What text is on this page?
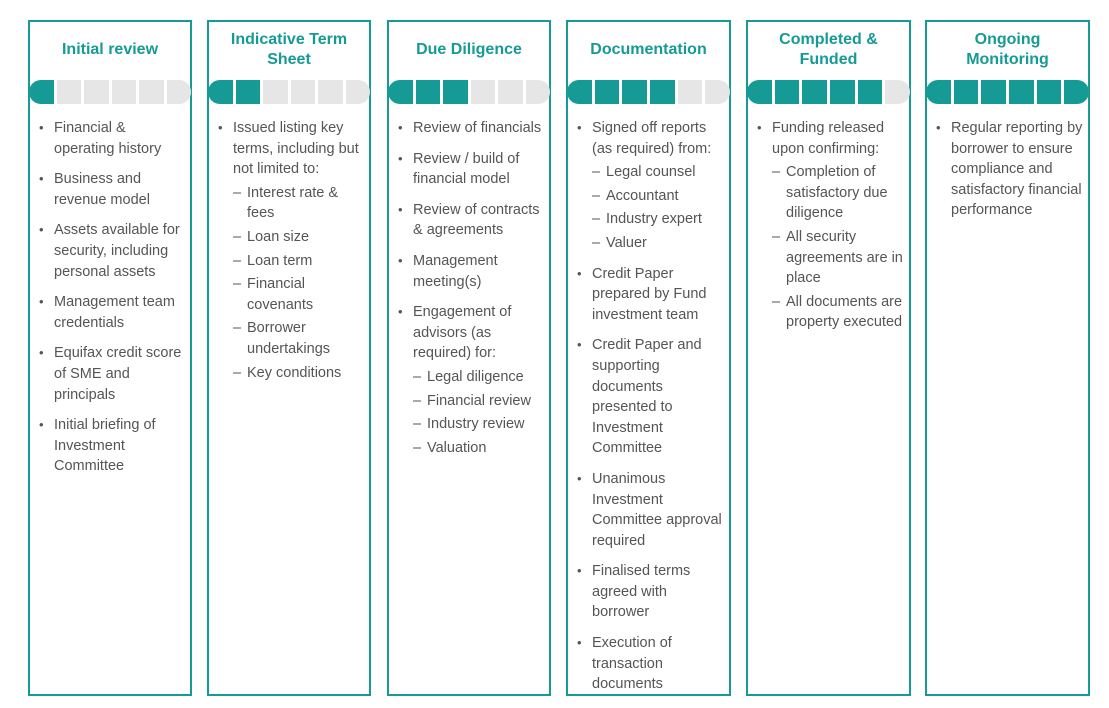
Initial review
• Financial & operating history
• Business and revenue model
• Assets available for security, including personal assets
• Management team credentials
• Equifax credit score of SME and principals
• Initial briefing of Investment Committee
Indicative Term Sheet
• Issued listing key terms, including but not limited to:
– Interest rate & fees
– Loan size
– Loan term
– Financial covenants
– Borrower undertakings
– Key conditions
Due Diligence
• Review of financials
• Review / build of financial model
• Review of contracts & agreements
• Management meeting(s)
• Engagement of advisors (as required) for:
– Legal diligence
– Financial review
– Industry review
– Valuation
Documentation
• Signed off reports (as required) from:
– Legal counsel
– Accountant
– Industry expert
– Valuer
• Credit Paper prepared by Fund investment team
• Credit Paper and supporting documents presented to Investment Committee
• Unanimous Investment Committee approval required
• Finalised terms agreed with borrower
• Execution of transaction documents
Completed & Funded
• Funding released upon confirming:
– Completion of satisfactory due diligence
– All security agreements are in place
– All documents are property executed
Ongoing Monitoring
• Regular reporting by borrower to ensure compliance and satisfactory financial performance
